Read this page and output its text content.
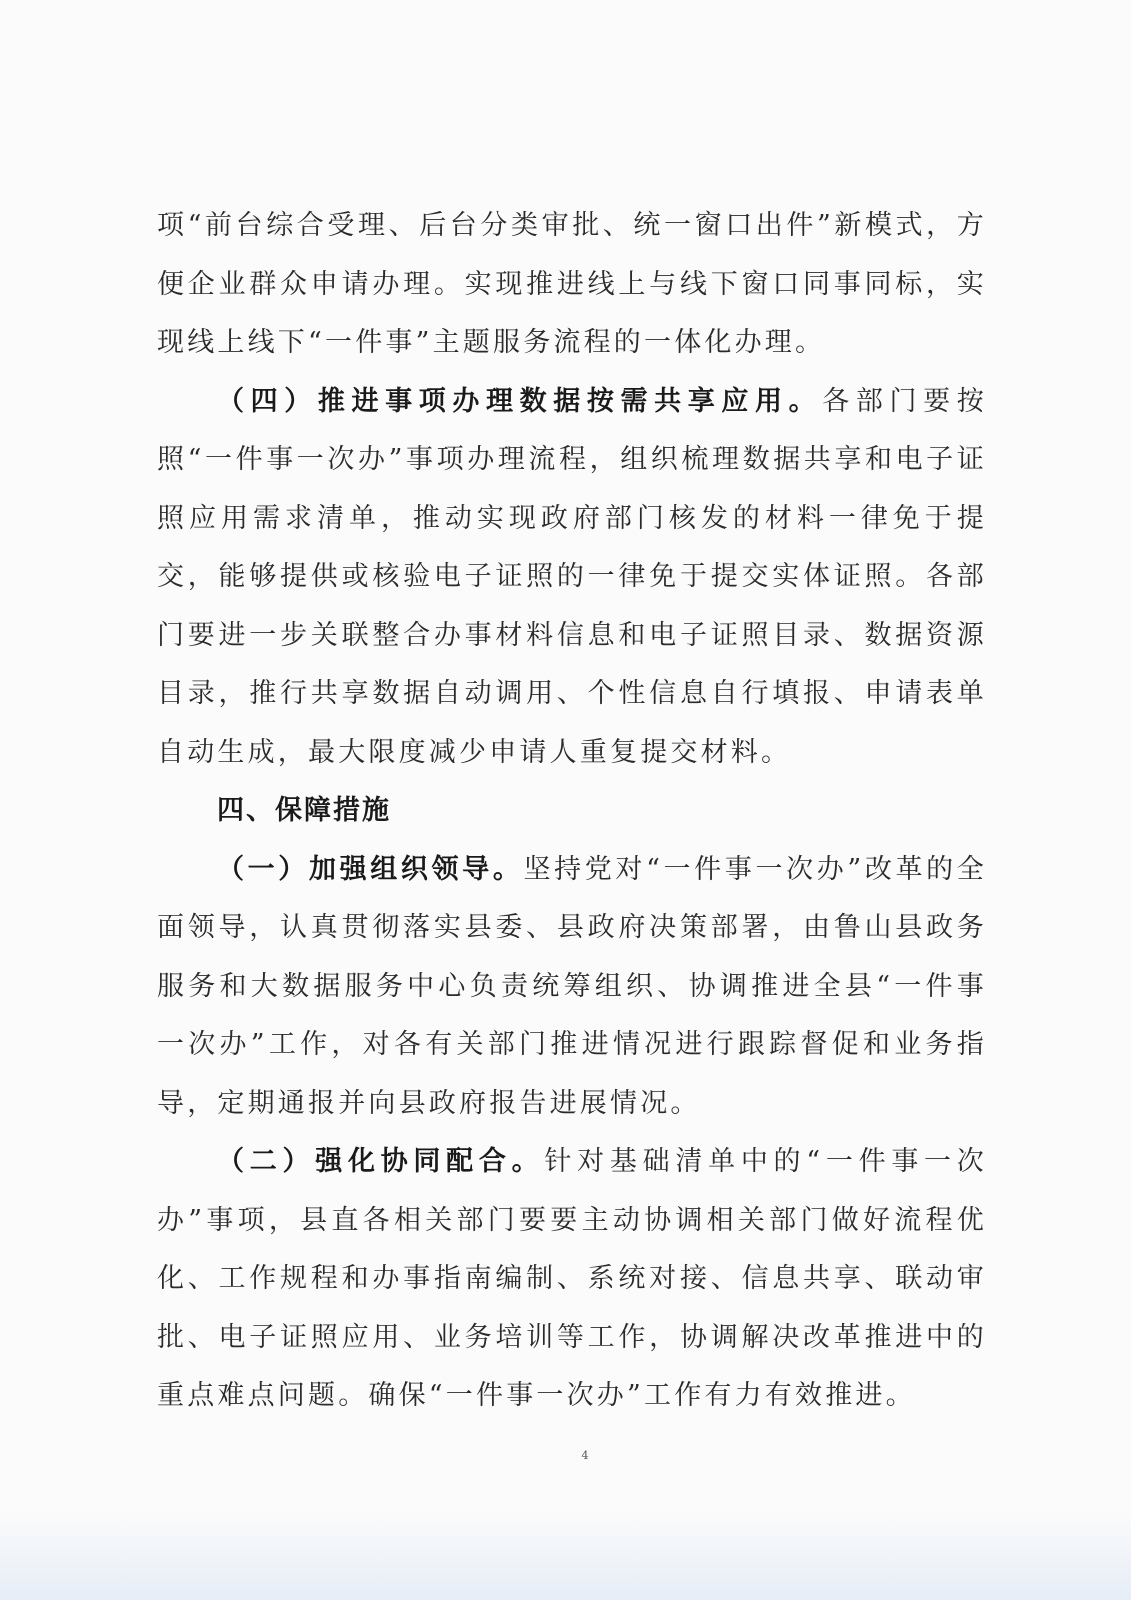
项“前台综合受理、后台分类审批、统一窗口出件”新模式，方便企业群众申请办理。实现推进线上与线下窗口同事同标，实现线上线下“一件事”主题服务流程的一体化办理。

（四）推进事项办理数据按需共享应用。各部门要按照“一件事一次办”事项办理流程，组织梳理数据共享和电子证照应用需求清单，推动实现政府部门核发的材料一律免于提交，能够提供或核验电子证照的一律免于提交实体证照。各部门要进一步关联整合办事材料信息和电子证照目录、数据资源目录，推行共享数据自动调用、个性信息自行填报、申请表单自动生成，最大限度减少申请人重复提交材料。

四、保障措施

（一）加强组织领导。坚持党对“一件事一次办”改革的全面领导，认真贯彻落实县委、县政府决策部署，由鲁山县政务服务和大数据服务中心负责统筹组织、协调推进全县“一件事一次办”工作，对各有关部门推进情况进行跟踪督促和业务指导，定期通报并向县政府报告进展情况。

（二）强化协同配合。针对基础清单中的“一件事一次办”事项，县直各相关部门要要主动协调相关部门做好流程优化、工作规程和办事指南编制、系统对接、信息共享、联动审批、电子证照应用、业务培训等工作，协调解决改革推进中的重点难点问题。确保“一件事一次办”工作有力有效推进。

4
